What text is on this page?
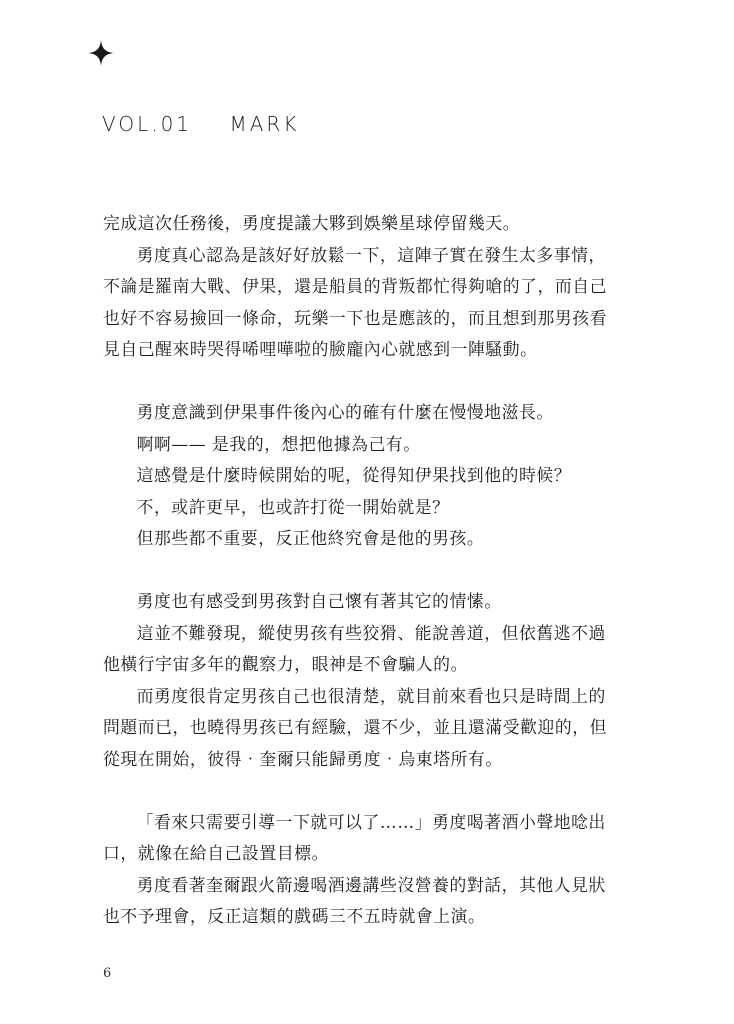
VOL.01    MARK

完成這次任務後，勇度提議大夥到娛樂星球停留幾天。

勇度真心認為是該好好放鬆一下，這陣子實在發生太多事情，不論是羅南大戰、伊果，還是船員的背叛都忙得夠嗆的了，而自己也好不容易撿回一條命，玩樂一下也是應該的，而且想到那男孩看見自己醒來時哭得唏哩嘩啦的臉龐內心就感到一陣騷動。

勇度意識到伊果事件後內心的確有什麼在慢慢地滋長。

啊啊—— 是我的，想把他據為己有。

這感覺是什麼時候開始的呢，從得知伊果找到他的時候？

不，或許更早，也或許打從一開始就是？

但那些都不重要，反正他終究會是他的男孩。

勇度也有感受到男孩對自己懷有著其它的情愫。

這並不難發現，縱使男孩有些狡猾、能說善道，但依舊逃不過他橫行宇宙多年的觀察力，眼神是不會騙人的。

而勇度很肯定男孩自己也很清楚，就目前來看也只是時間上的問題而已，也曉得男孩已有經驗，還不少，並且還滿受歡迎的，但從現在開始，彼得‧奎爾只能歸勇度‧烏東塔所有。

「看來只需要引導一下就可以了……」勇度喝著酒小聲地唸出口，就像在給自己設置目標。

勇度看著奎爾跟火箭邊喝酒邊講些沒營養的對話，其他人見狀也不予理會，反正這類的戲碼三不五時就會上演。

6
